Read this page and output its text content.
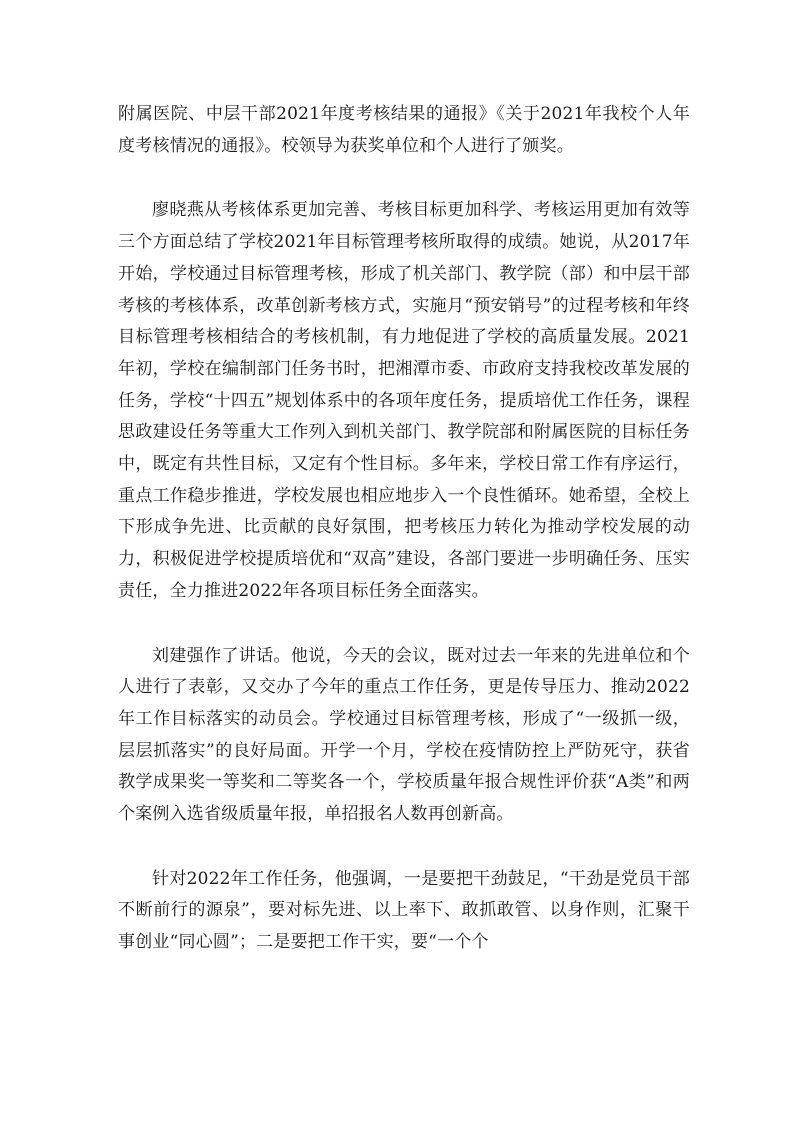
附属医院、中层干部2021年度考核结果的通报》《关于2021年我校个人年度考核情况的通报》。校领导为获奖单位和个人进行了颁奖。

廖晓燕从考核体系更加完善、考核目标更加科学、考核运用更加有效等三个方面总结了学校2021年目标管理考核所取得的成绩。她说，从2017年开始，学校通过目标管理考核，形成了机关部门、教学院（部）和中层干部考核的考核体系，改革创新考核方式，实施月“预安销号”的过程考核和年终目标管理考核相结合的考核机制，有力地促进了学校的高质量发展。2021 年初，学校在编制部门任务书时，把湘潭市委、市政府支持我校改革发展的任务，学校“十四五”规划体系中的各项年度任务，提质培优工作任务，课程思政建设任务等重大工作列入到机关部门、教学院部和附属医院的目标任务中，既定有共性目标，又定有个性目标。多年来，学校日常工作有序运行，重点工作稳步推进，学校发展也相应地步入一个良性循环。她希望，全校上下形成争先进、比贡献的良好氛围，把考核压力转化为推动学校发展的动力，积极促进学校提质培优和“双高”建设，各部门要进一步明确任务、压实责任，全力推进2022年各项目标任务全面落实。

刘建强作了讲话。他说，今天的会议，既对过去一年来的先进单位和个人进行了表彰，又交办了今年的重点工作任务，更是传导压力、推动2022年工作目标落实的动员会。学校通过目标管理考核，形成了“一级抓一级，层层抓落实”的良好局面。开学一个月，学校在疫情防控上严防死守，获省教学成果奖一等奖和二等奖各一个，学校质量年报合规性评价获“A类”和两个案例入选省级质量年报，单招报名人数再创新高。

针对2022年工作任务，他强调，一是要把干劲鼓足，“干劲是党员干部不断前行的源泉”，要对标先进、以上率下、敢抓敢管、以身作则，汇聚干事创业“同心圆”；二是要把工作干实，要“一个个
